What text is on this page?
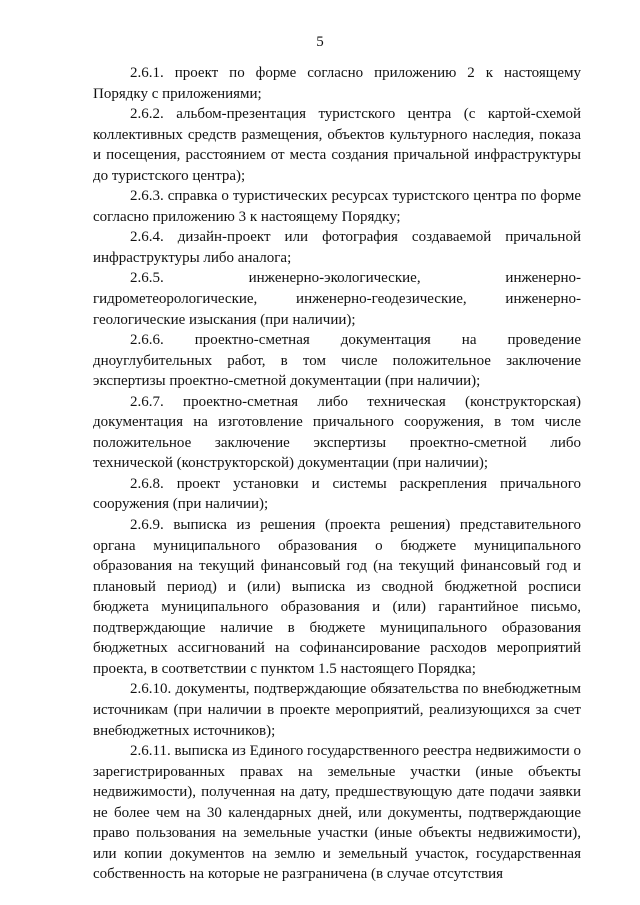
5

2.6.1. проект по форме согласно приложению 2 к настоящему Порядку с приложениями;

2.6.2. альбом-презентация туристского центра (с картой-схемой коллективных средств размещения, объектов культурного наследия, показа и посещения, расстоянием от места создания причальной инфраструктуры до туристского центра);

2.6.3. справка о туристических ресурсах туристского центра по форме согласно приложению 3 к настоящему Порядку;

2.6.4. дизайн-проект или фотография создаваемой причальной инфраструктуры либо аналога;

2.6.5. инженерно-экологические, инженерно-гидрометеорологические, инженерно-геодезические, инженерно-геологические изыскания (при наличии);

2.6.6. проектно-сметная документация на проведение дноуглубительных работ, в том числе положительное заключение экспертизы проектно-сметной документации (при наличии);

2.6.7. проектно-сметная либо техническая (конструкторская) документация на изготовление причального сооружения, в том числе положительное заключение экспертизы проектно-сметной либо технической (конструкторской) документации (при наличии);

2.6.8. проект установки и системы раскрепления причального сооружения (при наличии);

2.6.9. выписка из решения (проекта решения) представительного органа муниципального образования о бюджете муниципального образования на текущий финансовый год (на текущий финансовый год и плановый период) и (или) выписка из сводной бюджетной росписи бюджета муниципального образования и (или) гарантийное письмо, подтверждающие наличие в бюджете муниципального образования бюджетных ассигнований на софинансирование расходов мероприятий проекта, в соответствии с пунктом 1.5 настоящего Порядка;

2.6.10. документы, подтверждающие обязательства по внебюджетным источникам (при наличии в проекте мероприятий, реализующихся за счет внебюджетных источников);

2.6.11. выписка из Единого государственного реестра недвижимости о зарегистрированных правах на земельные участки (иные объекты недвижимости), полученная на дату, предшествующую дате подачи заявки не более чем на 30 календарных дней, или документы, подтверждающие право пользования на земельные участки (иные объекты недвижимости), или копии документов на землю и земельный участок, государственная собственность на которые не разграничена (в случае отсутствия
